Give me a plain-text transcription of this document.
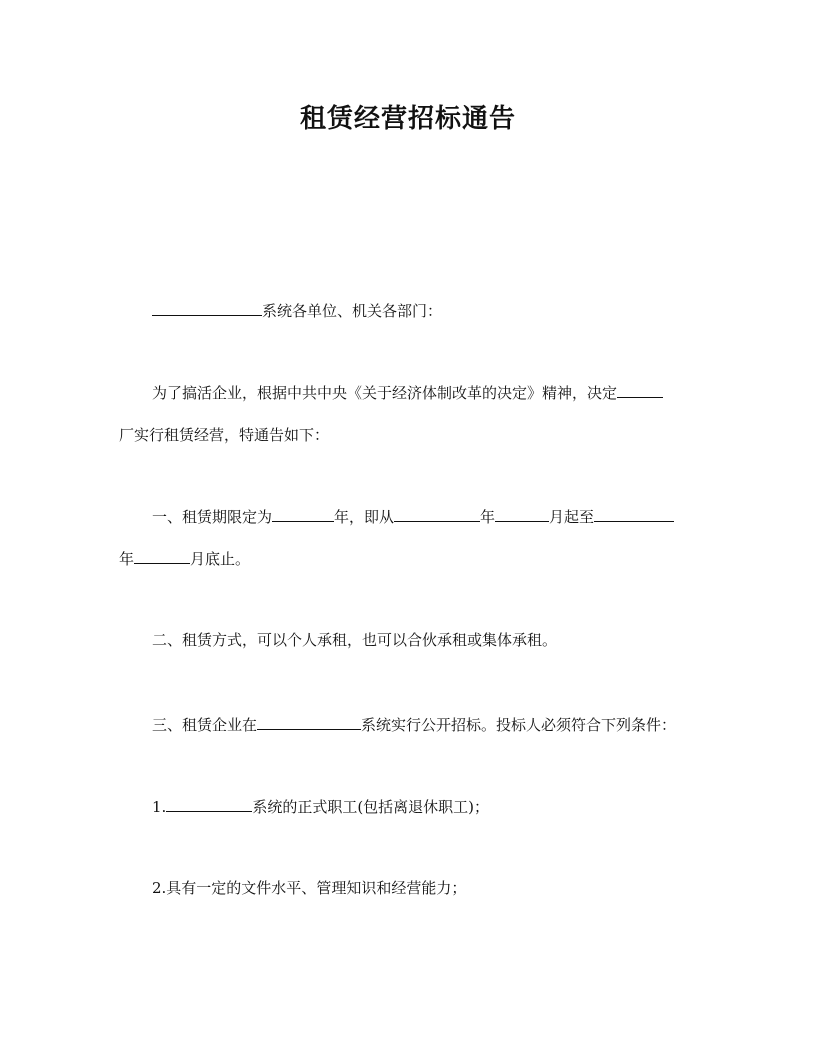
租赁经营招标通告
系统各单位、机关各部门：
为了搞活企业，根据中共中央《关于经济体制改革的决定》精神，决定
厂实行租赁经营，特通告如下：
一、租赁期限定为	年，即从	年	月起至
年	月底止。
二、租赁方式，可以个人承租，也可以合伙承租或集体承租。
三、租赁企业在	系统实行公开招标。投标人必须符合下列条件：
1.	系统的正式职工(包括离退休职工)；
2.具有一定的文件水平、管理知识和经营能力；
